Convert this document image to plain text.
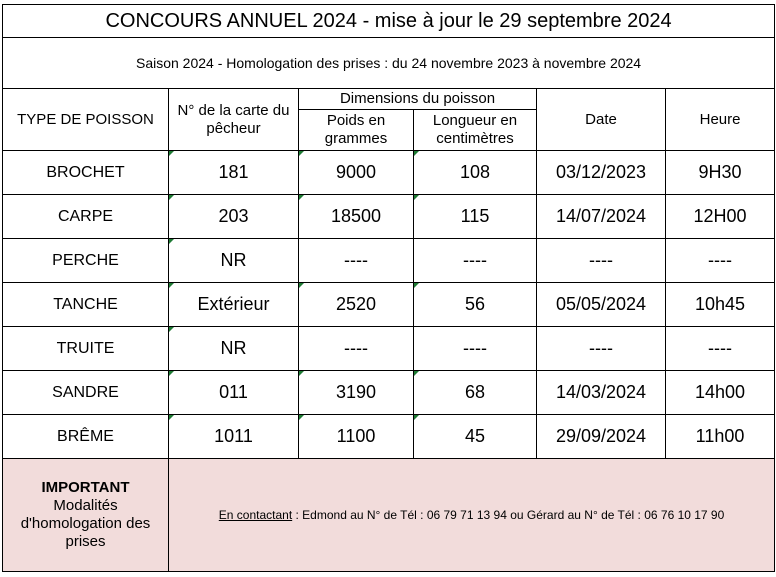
CONCOURS ANNUEL 2024 - mise à jour le 29 septembre 2024					
Saison 2024 - Homologation des prises : du 24 novembre 2023 à novembre 2024					
TYPE DE POISSON	N° de la carte du pêcheur	Dimensions du poisson		Date	Heure
		Poids en grammes	Longueur en centimètres		
BROCHET	181	9000	108	03/12/2023	9H30
CARPE	203	18500	115	14/07/2024	12H00
PERCHE	NR	----	----	----	----
TANCHE	Extérieur	2520	56	05/05/2024	10h45
TRUITE	NR	----	----	----	----
SANDRE	011	3190	68	14/03/2024	14h00
BRÊME	1011	1100	45	29/09/2024	11h00

IMPORTANT
Modalités d'homologation des prises	En contactant : Edmond au N° de Tél : 06 79 71 13 94 ou Gérard au N° de Tél : 06 76 10 17 90				
